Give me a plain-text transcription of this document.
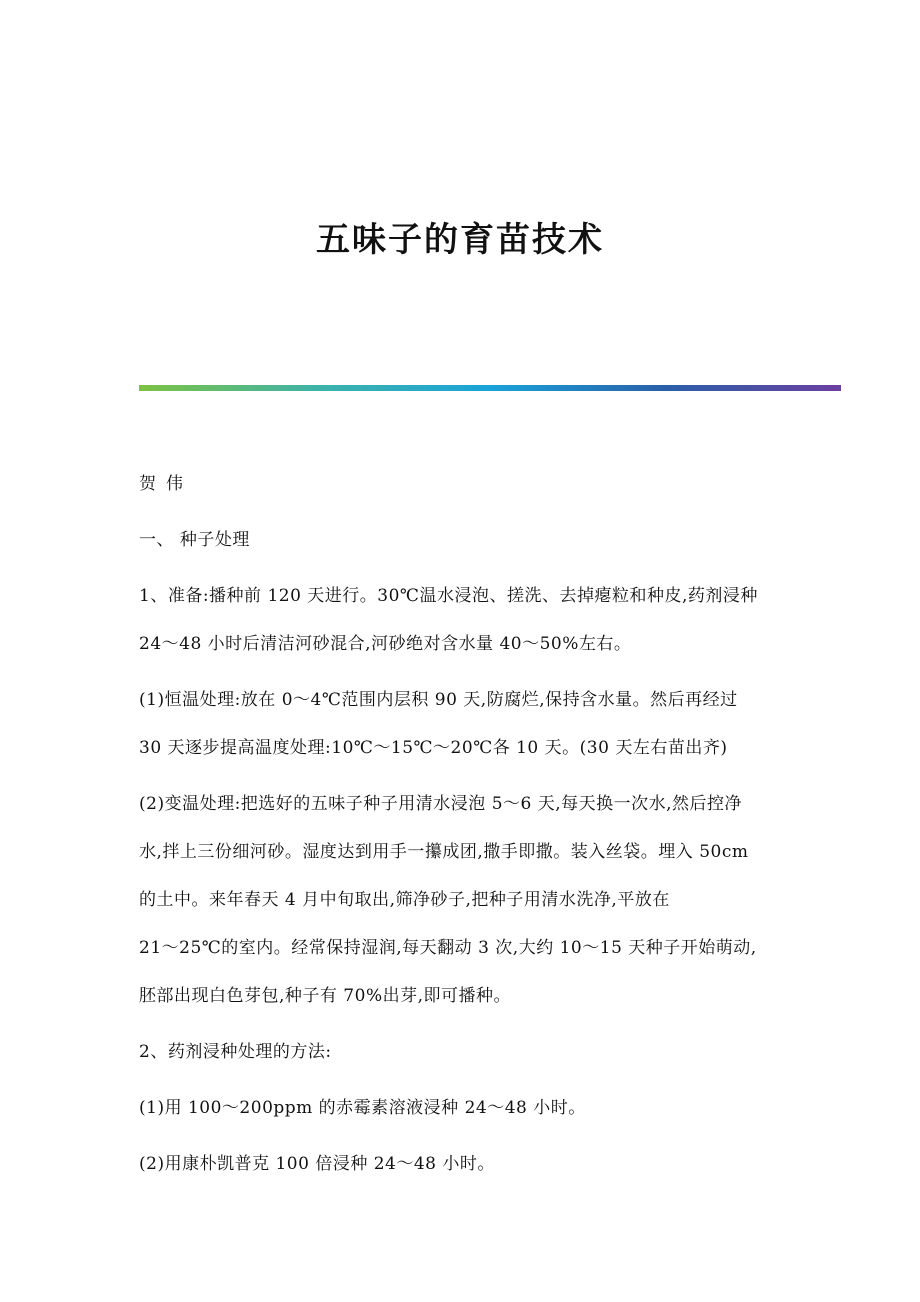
五味子的育苗技术
贺伟
一、 种子处理
1、准备:播种前 120 天进行。30℃温水浸泡、搓洗、去掉瘪粒和种皮,药剂浸种
24～48 小时后清洁河砂混合,河砂绝对含水量 40～50%左右。
(1)恒温处理:放在 0～4℃范围内层积 90 天,防腐烂,保持含水量。然后再经过
30 天逐步提高温度处理:10℃～15℃～20℃各 10 天。(30 天左右苗出齐)
(2)变温处理:把选好的五味子种子用清水浸泡 5～6 天,每天换一次水,然后控净
水,拌上三份细河砂。湿度达到用手一攥成团,撒手即撒。装入丝袋。埋入 50cm
的土中。来年春天 4 月中旬取出,筛净砂子,把种子用清水洗净,平放在
21～25℃的室内。经常保持湿润,每天翻动 3 次,大约 10～15 天种子开始萌动,
胚部出现白色芽包,种子有 70%出芽,即可播种。
2、药剂浸种处理的方法:
(1)用 100～200ppm 的赤霉素溶液浸种 24～48 小时。
(2)用康朴凯普克 100 倍浸种 24～48 小时。
